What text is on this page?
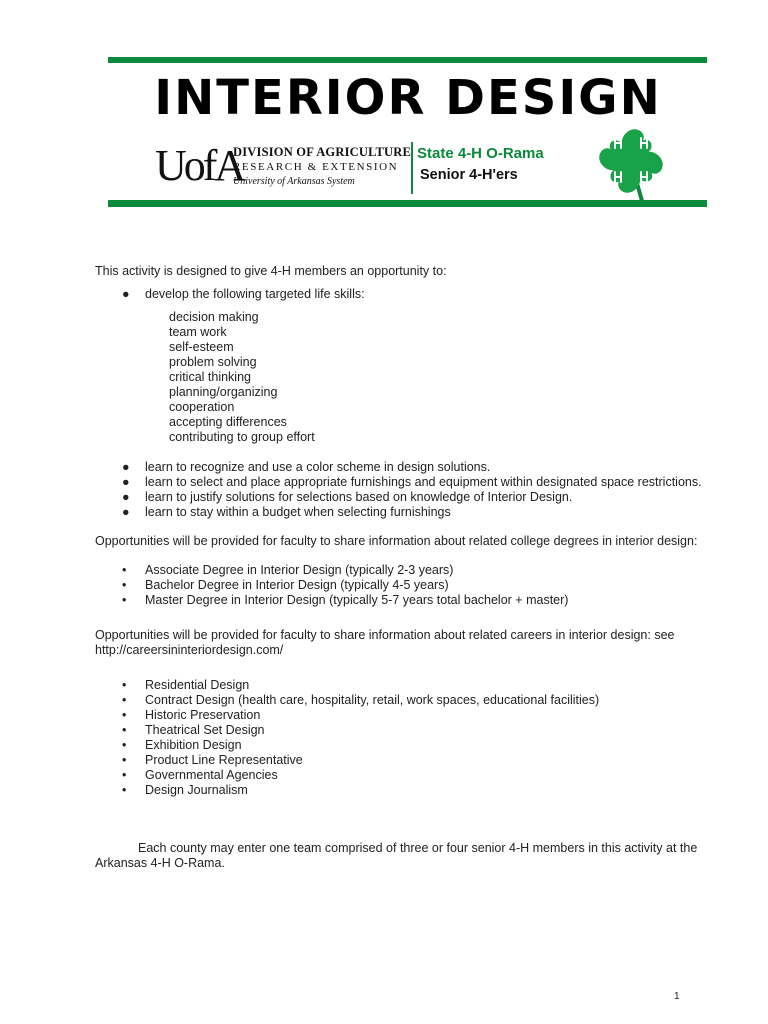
INTERIOR DESIGN
UofA
DIVISION OF AGRICULTURE
RESEARCH & EXTENSION
University of Arkansas System
State 4-H O-Rama
Senior 4-H'ers

This activity is designed to give 4-H members an opportunity to:

● develop the following targeted life skills:

decision making

team work

self-esteem

problem solving

critical thinking

planning/organizing

cooperation

accepting differences

contributing to group effort

● learn to recognize and use a color scheme in design solutions.

● learn to select and place appropriate furnishings and equipment within designated space restrictions.

● learn to justify solutions for selections based on knowledge of Interior Design.

● learn to stay within a budget when selecting furnishings

Opportunities will be provided for faculty to share information about related college degrees in interior design:

• Associate Degree in Interior Design (typically 2-3 years)

• Bachelor Degree in Interior Design (typically 4-5 years)

• Master Degree in Interior Design (typically 5-7 years total bachelor + master)

Opportunities will be provided for faculty to share information about related careers in interior design: see http://careersininteriordesign.com/

• Residential Design

• Contract Design (health care, hospitality, retail, work spaces, educational facilities)

• Historic Preservation

• Theatrical Set Design

• Exhibition Design

• Product Line Representative

• Governmental Agencies

• Design Journalism

Each county may enter one team comprised of three or four senior 4-H members in this activity at the Arkansas 4-H O-Rama.

1
